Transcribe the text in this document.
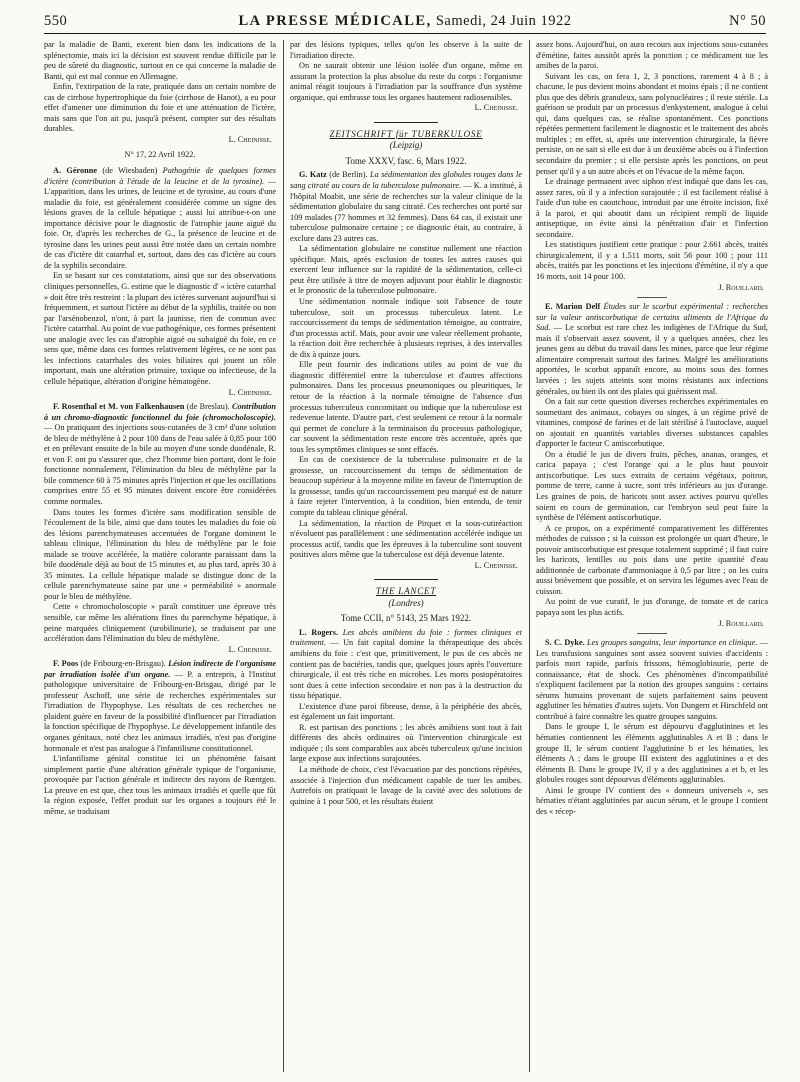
550	LA PRESSE MÉDICALE, Samedi, 24 Juin 1922	N° 50

par la maladie de Banti, exerent bien dans les indications de la splénectomie, mais ici la décision est souvent rendue difficile par le peu de sûreté du diagnostic, surtout en ce qui concerne la maladie de Banti, qui est mal connue en Allemagne.

Enfin, l'extirpation de la rate, pratiquée dans un certain nombre de cas de cirrhose hypertrophique du foie (cirrhose de Hanot), a eu pour effet d'amener une diminution du foie et une atténuation de l'ictère, mais sans que l'on ait pu, jusqu'à présent, compter sur des résultats durables.

L. Cheinisse.

N° 17, 22 Avril 1922.

A. Géronne (de Wiesbaden) Pathogénie de quelques formes d'ictère (contribution à l'étude de la leucine et de la tyrosine). — L'apparition, dans les urines, de leucine et de tyrosine, au cours d'une maladie du foie, est généralement considérée comme un signe des lésions graves de la cellule hépatique ; aussi lui attribue-t-on une importance décisive pour le diagnostic de l'atrophie jaune aiguë du foie. Or, d'après les recherches de G., la présence de leucine et de tyrosine dans les urines peut aussi être notée dans un certain nombre de cas d'ictère dit catarrhal et, surtout, dans des cas d'ictère au cours de la syphilis secondaire.

En se basant sur ces constatations, ainsi que sur des observations cliniques personnelles, G. estime que le diagnostic d' « ictère catarrhal » doit être très restreint : la plupart des ictères survenant aujourd'hui si fréquemment, et surtout l'ictère au début de la syphilis, traitée ou non par l'arsénobenzol, n'ont, à part la jaunisse, rien de commun avec l'ictère catarrhal. Au point de vue pathogénique, ces formes présentent une analogie avec les cas d'atrophie aiguë ou subaiguë du foie, en ce sens que, même dans ces formes relativement légères, ce ne sont pas les infections catarrhales des voies biliaires qui jouent un rôle important, mais une altération primaire, toxique ou infectieuse, de la cellule hépatique, altération d'origine hématogène.

L. Cheinisse.

F. Rosenthal et M. von Falkenhausen (de Breslau). Contribution à un chromo-diagnostic fonctionnel du foie (chromocholoscopie). — On pratiquant des injections sous-cutanées de 3 cm³ d'une solution de bleu de méthylène à 2 pour 100 dans de l'eau salée à 0,85 pour 100 et en prélevant ensuite de la bile au moyen d'une sonde duodénale, R. et von F. ont pu s'assurer que, chez l'homme bien portant, dont le foie fonctionne normalement, l'élimination du bleu de méthylène par la bile commence 60 à 75 minutes après l'injection et que les oscillations comprises entre 55 et 95 minutes doivent encore être considérées comme normales.

Dans toutes les formes d'ictère sans modification sensible de l'écoulement de la bile, ainsi que dans toutes les maladies du foie où des lésions parenchymateuses accentuées de l'organe dominent le tableau clinique, l'élimination du bleu de méthylène par le foie malade se trouve accélérée, la matière colorante paraissant dans la bile duodénale déjà au bout de 15 minutes et, au plus tard, après 30 à 35 minutes. La cellule hépatique malade se distingue donc de la cellule parenchymateuse saine par une « perméabilité » anormale pour le bleu de méthylène.

Cette « chromocholoscopie » paraît constituer une épreuve très sensible, car même les altérations fines du parenchyme hépatique, à peine marquées cliniquement (urobilinurie), se traduisent par une accélération dans l'élimination du bleu de méthylène.

L. Cheinisse.

F. Poos (de Fribourg-en-Brisgau). Lésion indirecte de l'organisme par irradiation isolée d'un organe. — P. a entrepris, à l'Institut pathologique universitaire de Fribourg-en-Brisgau, dirigé par le professeur Aschoff, une série de recherches expérimentales sur l'irradiation de l'hypophyse. Les résultats de ces recherches ne plaident guère en faveur de la possibilité d'influencer par l'irradiation la fonction spécifique de l'hypophyse. Le développement infantile des organes génitaux, noté chez les animaux irradiés, n'est pas d'origine hormonale et n'est pas analogue à l'infantilisme constitutionnel.

L'infantilisme génital constitue ici un phénomène faisant simplement partie d'une altération générale typique de l'organisme, provoquée par l'action générale et indirecte des rayons de Rœntgen. La preuve en est que, chez tous les animaux irradiés et quelle que fût la région exposée, l'effet produit sur les organes a toujours été le même, se traduisant

par des lésions typiques, telles qu'on les observe à la suite de l'irradiation directe.

On ne saurait obtenir une lésion isolée d'un organe, même en assurant la protection la plus absolue du reste du corps : l'organisme animal réagit toujours à l'irradiation par la souffrance d'un système organique, qui embrasse tous les organes hautement radiosensibles.

L. Cheinisse.

ZEITSCHRIFT für TUBERKULOSE
(Leipzig)
Tome XXXV, fasc. 6, Mars 1922.

G. Katz (de Berlin). La sédimentation des globules rouges dans le sang citraté au cours de la tuberculose pulmonaire. — K. a institué, à l'hôpital Moabit, une série de recherches sur la valeur clinique de la sédimentation globulaire du sang citraté. Ces recherches ont porté sur 109 malades (77 hommes et 32 femmes). Dans 64 cas, il existait une tuberculose pulmonaire certaine ; ce diagnostic était, au contraire, à exclure dans 23 autres cas.

La sédimentation globulaire ne constitue nullement une réaction spécifique. Mais, après exclusion de toutes les autres causes qui exercent leur influence sur la rapidité de la sédimentation, celle-ci peut être utilisée à titre de moyen adjuvant pour établir le diagnostic et le pronostic de la tuberculose pulmonaire.

Une sédimentation normale indique soit l'absence de toute tuberculose, soit un processus tuberculeux latent. Le raccourcissement du temps de sédimentation témoigne, au contraire, d'un processus actif. Mais, pour avoir une valeur réellement probante, la réaction doit être recherchée à plusieurs reprises, à des intervalles de dix à quinze jours.

Elle peut fournir des indications utiles au point de vue du diagnostic différentiel entre la tuberculose et d'autres affections pulmonaires. Dans les processus pneumoniques ou pleuritiques, le retour de la réaction à la normale témoigne de l'absence d'un processus tuberculeux concomitant ou indique que la tuberculose est redevenue latente. D'autre part, c'est seulement ce retour à la normale qui permet de conclure à la terminaison du processus pathologique, car souvent la sédimentation reste encore très accentuée, après que tous les symptômes cliniques se sont effacés.

En cas de coexistence de la tuberculose pulmonaire et de la grossesse, un raccourcissement du temps de sédimentation de beaucoup supérieur à la moyenne milite en faveur de l'interruption de la grossesse, tandis qu'un raccourcissement peu marqué est de nature à faire rejeter l'intervention, à la condition, bien entendu, de tenir compte du tableau clinique général.

La sédimentation, la réaction de Pirquet et la sous-cutiréaction n'évoluent pas parallèlement : une sédimentation accélérée indique un processus actif, tandis que les épreuves à la tuberculine sont souvent positives alors même que la tuberculose est déjà devenue latente.

L. Cheinisse.

THE LANCET
(Londres)
Tome CCII, n° 5143, 25 Mars 1922.

L. Rogers. Les abcès amibiens du foie : formes cliniques et traitement. — Un fait capital domine la thérapeutique des abcès amibiens du foie : c'est que, primitivement, le pus de ces abcès ne contient pas de bactéries, tandis que, quelques jours après l'ouverture chirurgicale, il est très riche en microbes. Les morts postopératoires sont dues à cette infection secondaire et non pas à la destruction du tissu hépatique.

L'existence d'une paroi fibreuse, dense, à la périphérie des abcès, est également un fait important.

R. est partisan des ponctions ; les abcès amibiens sont tout à fait différents des abcès ordinaires où l'intervention chirurgicale est indiquée ; ils sont comparables aux abcès tuberculeux qu'une incision large expose aux infections surajoutées.

La méthode de choix, c'est l'évacuation par des ponctions répétées, associée à l'injection d'un médicament capable de tuer les amibes. Autrefois on pratiquait le lavage de la cavité avec des solutions de quinine à 1 pour 500, et les résultats étaient

assez bons. Aujourd'hui, on aura recours aux injections sous-cutanées d'émétine, faites aussitôt après la ponction ; ce médicament tue les amibes de la paroi.

Suivant les cas, on fera 1, 2, 3 ponctions, rarement 4 à 8 ; à chacune, le pus devient moins abondant et moins épais ; il ne contient plus que des débris granuleux, sans polynucléaires ; il reste stérile. La guérison se produit par un processus d'enkystement, analogue à celui qui, dans quelques cas, se réalise spontanément. Ces ponctions répétées permettent facilement le diagnostic et le traitement des abcès multiples ; en effet, si, après une intervention chirurgicale, la fièvre persiste, on ne sait si elle est due à un deuxième abcès ou à l'infection secondaire du premier ; si elle persiste après les ponctions, on peut penser qu'il y a un autre abcès et on l'évacue de la même façon.

Le drainage permanent avec siphon n'est indiqué que dans les cas, assez rares, où il y a infection surajoutée ; il est facilement réalisé à l'aide d'un tube en caoutchouc, introduit par une étroite incision, fixé à la paroi, et qui aboutit dans un récipient rempli de liquide antiseptique, on évite ainsi la pénétration d'air et l'infection secondaire.

Les statistiques justifient cette pratique : pour 2.661 abcès, traités chirurgicalement, il y a 1.511 morts, soit 56 pour 100 ; pour 111 abcès, traités par les ponctions et les injections d'émétine, il n'y a que 16 morts, soit 14 pour 100.

J. Rouillard.

E. Marion Delf Études sur le scorbut expérimental : recherches sur la valeur antiscorbutique de certains aliments de l'Afrique du Sud. — Le scorbut est rare chez les indigènes de l'Afrique du Sud, mais il s'observait assez souvent, il y a quelques années, chez les jeunes gens au début du travail dans les mines, parce que leur régime alimentaire comprenait surtout des farines. Malgré les améliorations apportées, le scorbut apparaît encore, au moins sous des formes larvées ; les sujets atteints sont moins résistants aux infections générales, ou bien ils ont des plaies qui guérissent mal.

On a fait sur cette question diverses recherches expérimentales en soumettant des animaux, cobayes ou singes, à un régime privé de vitamines, composé de farines et de lait stérilisé à l'autoclave, auquel on ajoutait en quantités variables diverses substances capables d'apporter le facteur C antiscorbutique.

On a étudié le jus de divers fruits, pêches, ananas, oranges, et carica papaya ; c'est l'orange qui a le plus haut pouvoir antiscorbutique. Les sucs extraits de certains végétaux, poitron, pomme de terre, canne à sucre, sont très inférieurs au jus d'orange. Les graines de pois, de haricots sont assez actives pourvu qu'elles soient en cours de germination, car l'embryon seul peut faire la synthèse de l'élément antiscorbutique.

A ce propos, on a expérimenté comparativement les différentes méthodes de cuisson ; si la cuisson est prolongée un quart d'heure, le pouvoir antiscorbutique est presque totalement supprimé ; il faut cuire les haricots, lentilles ou pois dans une petite quantité d'eau additionnée de carbonate d'ammoniaque à 0,5 par litre ; on les cuira aussi brièvement que possible, et on servira les légumes avec l'eau de cuisson.

Au point de vue curatif, le jus d'orange, de tomate et de carica papaya sont les plus actifs.

J. Rouillard.

S. C. Dyke. Les groupes sanguins, leur importance en clinique. — Les transfusions sanguines sont assez souvent suivies d'accidents : parfois mort rapide, parfois frissons, hémoglobinurie, perte de connaissance, état de shock. Ces phénomènes d'incompatibilité s'expliquent facilement par la notion des groupes sanguins : certains sérums humains provenant de sujets parfaitement sains peuvent agglutiner les hématies d'autres sujets. Von Dungern et Hirschfeld ont contribué à faire connaître les quatre groupes sanguins.

Dans le groupe I, le sérum est dépourvu d'agglutinines et les hématies contiennent les éléments agglutinables A et B ; dans le groupe II, le sérum contient l'agglutinine b et les hématies, les éléments A ; dans le groupe III existent des agglutinines a et des éléments B. Dans le groupe IV, il y a des agglutinines a et b, et les globules rouges sont dépourvus d'éléments agglutinables.

Ainsi le groupe IV contient des « donneurs universels », ses hématies n'étant agglutinées par aucun sérum, et le groupe I contient des « récep-
